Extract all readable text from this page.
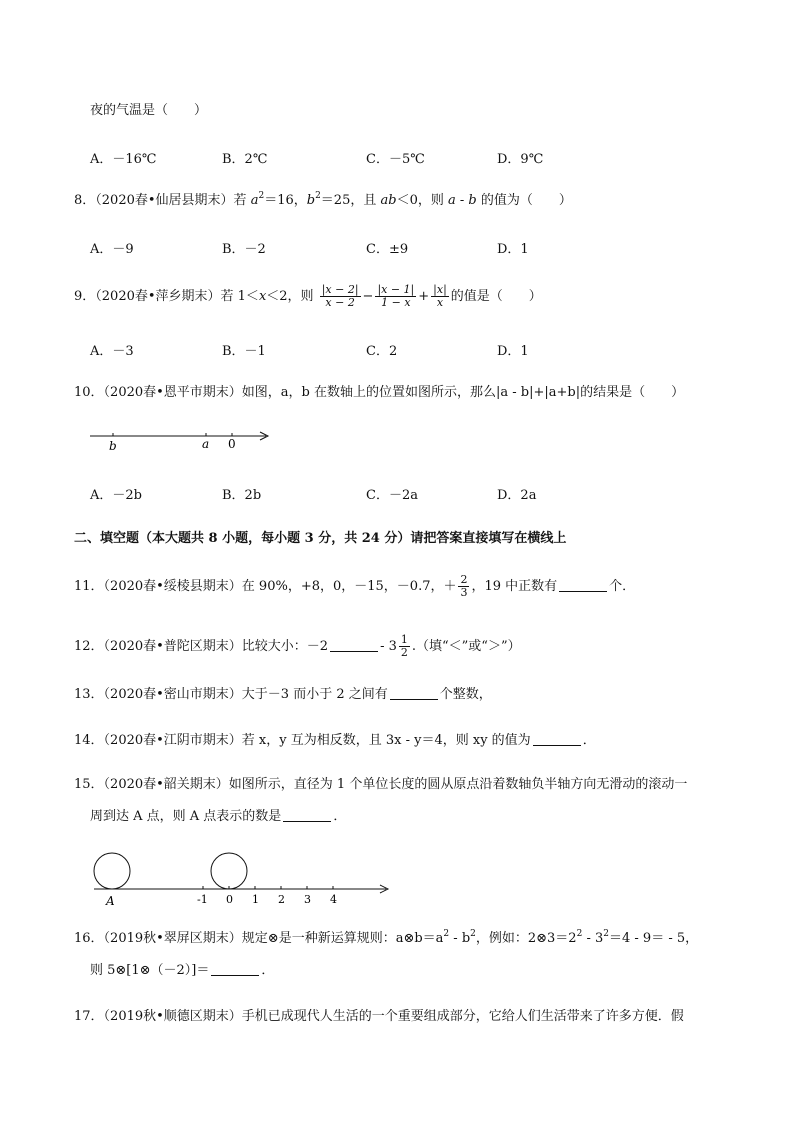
夜的气温是（　　）
A．－16℃	B．2℃	C．－5℃	D．9℃
8．（2020春•仙居县期末）若 $a^2=16$，$b^2=25$，且 ab＜0，则 a - b 的值为（　　）
A．－9	B．－2	C．±9	D．1
9．（2020春•萍乡期末）若 1＜x＜2，则 $\frac{|x - 2|}{x - 2} - \frac{|x - 1|}{1 - x} + \frac{|x|}{x}$ 的值是（　　）
A．－3	B．－1	C．2	D．1
10．（2020春•恩平市期末）如图，a，b 在数轴上的位置如图所示，那么|a - b|+|a+b|的结果是（　　）
b	a 0
A．－2b	B．2b	C．－2a	D．2a
二、填空题（本大题共 8 小题，每小题 3 分，共 24 分）请把答案直接填写在横线上
11．（2020春•绥棱县期末）在 90%，+8，0，－15，－0.7，＋ $\frac{2}{3}$ ，19 中正数有	个．
12．（2020春•普陀区期末）比较大小：－2	- $3 \frac{1}{2}$ .（填“＜”或“＞”）
13．（2020春•密山市期末）大于－3 而小于 2 之间有	个整数，
14．（2020春•江阴市期末）若 x，y 互为相反数，且 3x - y＝4，则 xy 的值为	．
15．（2020春•韶关期末）如图所示，直径为 1 个单位长度的圆从原点沿着数轴负半轴方向无滑动的滚动一
周到达 A 点，则 A 点表示的数是	．
A	-1 0 1 2 3 4
16．（2019秋•翠屏区期末）规定⊗是一种新运算规则：$a\otimes b=a^2 - b^2$，例如：$2\otimes 3=2^2 - 3^2=4 - 9= - 5$，
则 5⊗[1⊗（－2）]＝	．
17．（2019秋•顺德区期末）手机已成现代人生活的一个重要组成部分，它给人们生活带来了许多方便．假
